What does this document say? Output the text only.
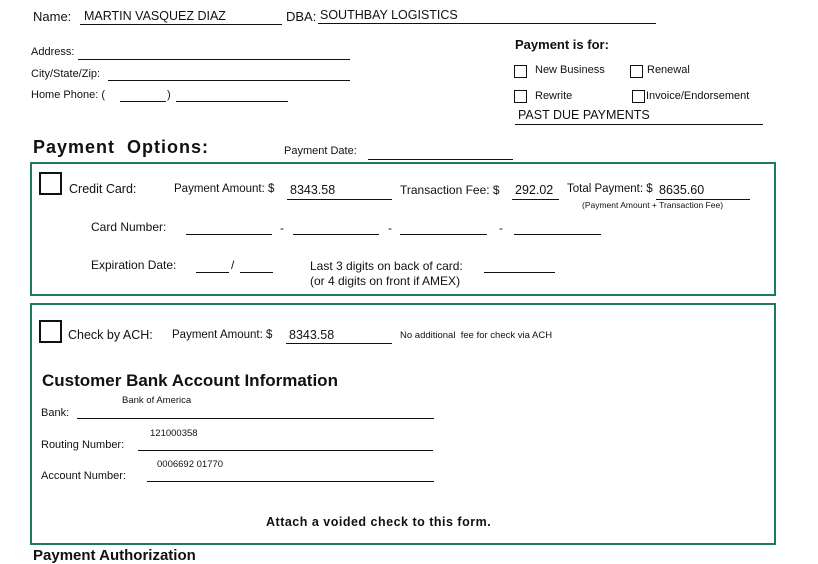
Name: MARTIN VASQUEZ DIAZ	DBA: SOUTHBAY LOGISTICS
Address:
City/State/Zip:
Home Phone: (	)
Payment is for:
New Business	Renewal
Rewrite	Invoice/Endorsement
PAST DUE PAYMENTS
Payment  Options:	Payment Date:
Credit Card:	Payment Amount: $ 8343.58	Transaction Fee: $ 292.02 Total Payment: $ 8635.60
(Payment Amount + Transaction Fee)
Card Number:	-	-	-
Expiration Date:	/	Last 3 digits on back of card:
(or 4 digits on front if AMEX)
Check by ACH: Payment Amount: $ 8343.58	No additional  fee for check via ACH
Customer Bank Account Information
Bank:
Bank of America
Routing Number:
121000358
Account Number:
0006692 01770
Attach a voided check to this form.
Payment Authorization
